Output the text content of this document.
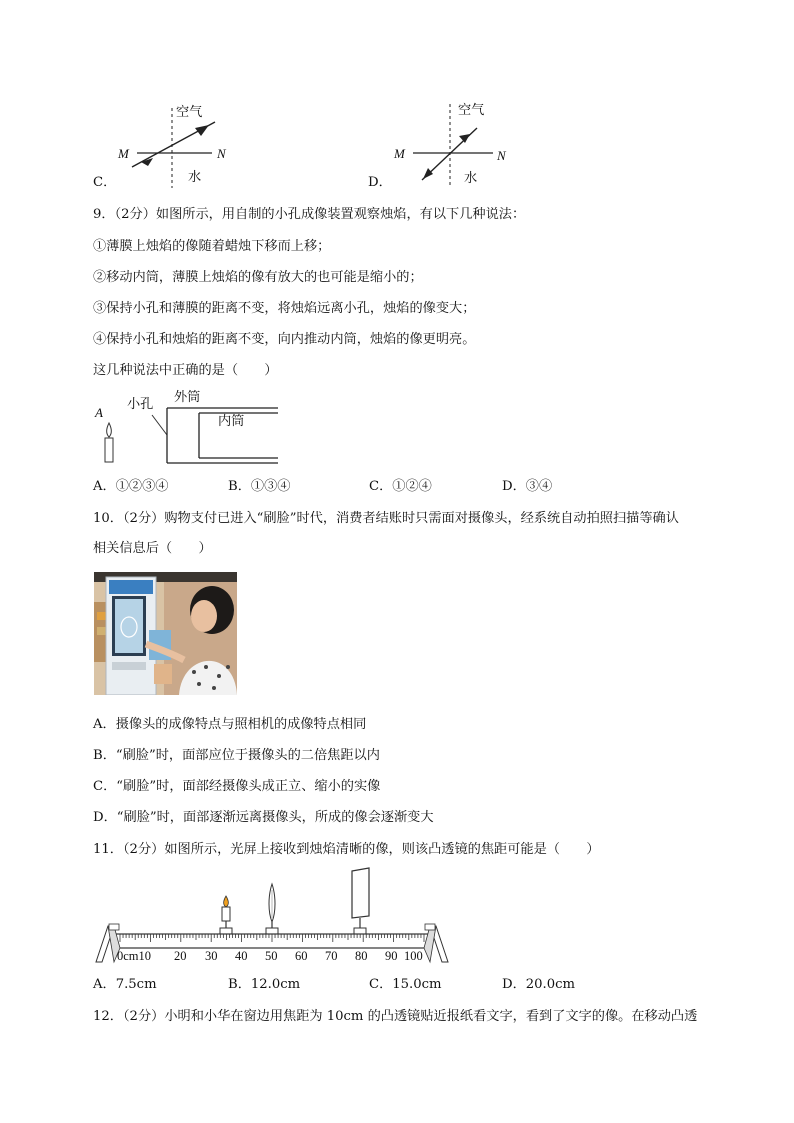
空气
M	N
水
C．
空气
M	N
水
D．
9．（2分）如图所示，用自制的小孔成像装置观察烛焰，有以下几种说法：
①薄膜上烛焰的像随着蜡烛下移而上移；
②移动内筒，薄膜上烛焰的像有放大的也可能是缩小的；
③保持小孔和薄膜的距离不变，将烛焰远离小孔，烛焰的像变大；
④保持小孔和烛焰的距离不变，向内推动内筒，烛焰的像更明亮。
这几种说法中正确的是（　　）
A
小孔 外筒
内筒
A．①②③④	B．①③④	C．①②④	D．③④
10．（2分）购物支付已进入“刷脸”时代，消费者结账时只需面对摄像头，经系统自动拍照扫描等确认
相关信息后（　　）
A．摄像头的成像特点与照相机的成像特点相同
B．“刷脸”时，面部应位于摄像头的二倍焦距以内
C．“刷脸”时，面部经摄像头成正立、缩小的实像
D．“刷脸”时，面部逐渐远离摄像头，所成的像会逐渐变大
11．（2分）如图所示，光屏上接收到烛焰清晰的像，则该凸透镜的焦距可能是（　　）
0cm10 20 30 40 50 60 70 80 90 100
A．7.5cm	B．12.0cm	C．15.0cm	D．20.0cm
12．（2分）小明和小华在窗边用焦距为 10cm 的凸透镜贴近报纸看文字，看到了文字的像。在移动凸透
